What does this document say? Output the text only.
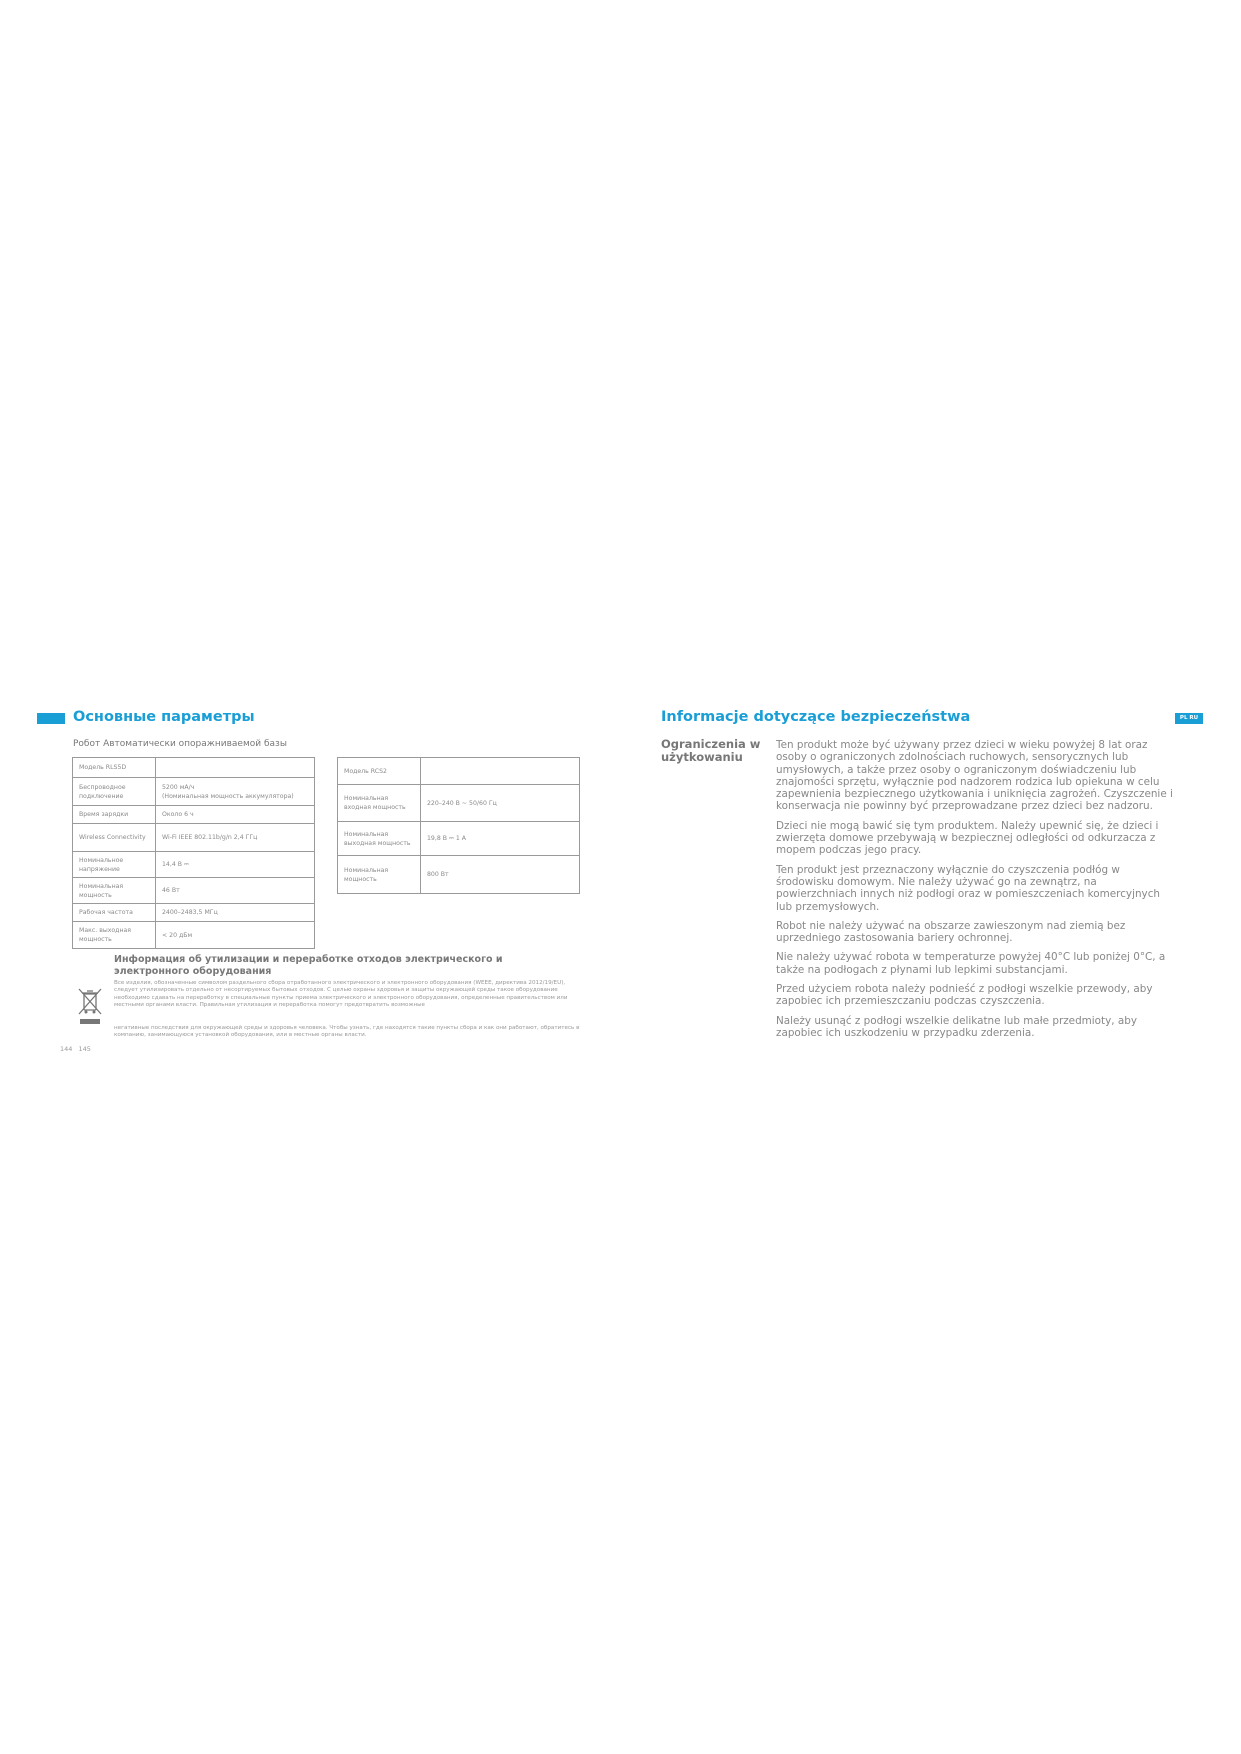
Основные параметры
Робот Автоматически опоражниваемой базы
Модель RLS5D	
Беспроводное подключение	5200 мА/ч
(Номинальная мощность аккумулятора)
Время зарядки	Около 6 ч
Wireless Connectivity	Wi-Fi IEEE 802.11b/g/n 2,4 ГГц
Номинальное напряжение	14,4 В ⎓
Номинальная мощность	46 Вт
Рабочая частота	2400–2483,5 МГц
Макс. выходная мощность	< 20 дБм
Модель RCS2	
Номинальная входная мощность	220–240 В ~ 50/60 Гц
Номинальная выходная мощность	19,8 В ⎓ 1 А
Номинальная мощность	800 Вт
Информация об утилизации и переработке отходов электрического и электронного оборудования
Все изделия, обозначенные символом раздельного сбора отработанного электрического и электронного оборудования (WEEE, директива 2012/19/EU), следует утилизировать отдельно от несортируемых бытовых отходов. С целью охраны здоровья и защиты окружающей среды такое оборудование необходимо сдавать на переработку в специальные пункты приема электрического и электронного оборудования, определенные правительством или местными органами власти. Правильная утилизация и переработка помогут предотвратить возможные
негативные последствия для окружающей среды и здоровья человека. Чтобы узнать, где находятся такие пункты сбора и как они работают, обратитесь в компанию, занимающуюся установкой оборудования, или в местные органы власти.
144 145
Informacje dotyczące bezpieczeństwa	PL RU
Ograniczenia w użytkowaniu

Ten produkt może być używany przez dzieci w wieku powyżej 8 lat oraz osoby o ograniczonych zdolnościach ruchowych, sensorycznych lub umysłowych, a także przez osoby o ograniczonym doświadczeniu lub znajomości sprzętu, wyłącznie pod nadzorem rodzica lub opiekuna w celu zapewnienia bezpiecznego użytkowania i uniknięcia zagrożeń. Czyszczenie i konserwacja nie powinny być przeprowadzane przez dzieci bez nadzoru.

Dzieci nie mogą bawić się tym produktem. Należy upewnić się, że dzieci i zwierzęta domowe przebywają w bezpiecznej odległości od odkurzacza z mopem podczas jego pracy.

Ten produkt jest przeznaczony wyłącznie do czyszczenia podłóg w środowisku domowym. Nie należy używać go na zewnątrz, na powierzchniach innych niż podłogi oraz w pomieszczeniach komercyjnych lub przemysłowych.

Robot nie należy używać na obszarze zawieszonym nad ziemią bez uprzedniego zastosowania bariery ochronnej.

Nie należy używać robota w temperaturze powyżej 40°C lub poniżej 0°C, a także na podłogach z płynami lub lepkimi substancjami.

Przed użyciem robota należy podnieść z podłogi wszelkie przewody, aby zapobiec ich przemieszczaniu podczas czyszczenia.

Należy usunąć z podłogi wszelkie delikatne lub małe przedmioty, aby zapobiec ich uszkodzeniu w przypadku zderzenia.
